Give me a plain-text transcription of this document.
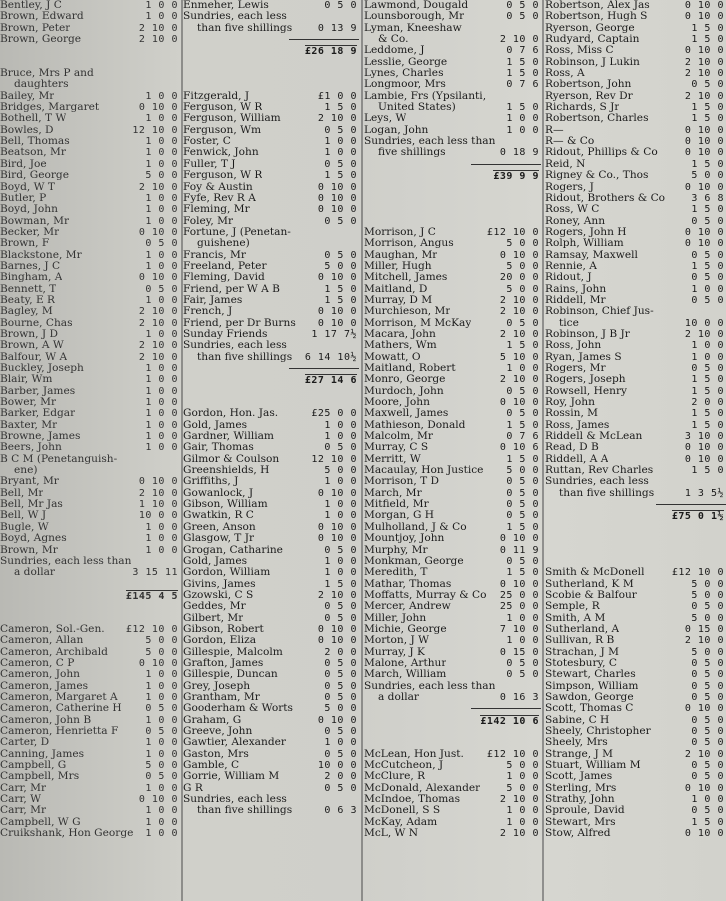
Bentley, J C	1 0 0
Brown, Edward	1 0 0
Brown, Peter	2 10 0
Brown, George	2 10 0
Bruce, Mrs P and
daughters
Bailey, Mr	1 0 0
Bridges, Margaret	0 10 0
Bothell, T W	1 0 0
Bowles, D	12 10 0
Bell, Thomas	1 0 0
Beatson, Mr	1 0 0
Bird, Joe	1 0 0
Bird, George	5 0 0
Boyd, W T	2 10 0
Butler, P	1 0 0
Boyd, John	1 0 0
Bowman, Mr	1 0 0
Becker, Mr	0 10 0
Brown, F	0 5 0
Blackstone, Mr	1 0 0
Barnes, J C	1 0 0
Bingham, A	0 10 0
Bennett, T	0 5 0
Beaty, E R	1 0 0
Bagley, M	2 10 0
Bourne, Chas	2 10 0
Brown, J D	1 0 0
Brown, A W	2 10 0
Balfour, W A	2 10 0
Buckley, Joseph	1 0 0
Blair, Wm	1 0 0
Barber, James	1 0 0
Bower, Mr	1 0 0
Barker, Edgar	1 0 0
Baxter, Mr	1 0 0
Browne, James	1 0 0
Beers, John	1 0 0
B C M (Penetanguish-
ene)
Bryant, Mr	0 10 0
Bell, Mr	2 10 0
Bell, Mr Jas	1 10 0
Bell, W J	10 0 0
Bugle, W	1 0 0
Boyd, Agnes	1 0 0
Brown, Mr	1 0 0
Sundries, each less than
a dollar	3 15 11
£145 4 5
Cameron, Sol.-Gen. £12 10 0
Cameron, Allan	5 0 0
Cameron, Archibald	5 0 0
Cameron, C P	0 10 0
Cameron, John	1 0 0
Cameron, James	1 0 0
Cameron, Margaret A	1 0 0
Cameron, Catherine H 0 5 0
Cameron, John B	1 0 0
Cameron, Henrietta F	0 5 0
Carter, D	1 0 0
Canning, James	1 0 0
Campbell, G	5 0 0
Campbell, Mrs	0 5 0
Carr, Mr	1 0 0
Carr, W	0 10 0
Carr, Mr	1 0 0
Campbell, W G	1 0 0
Cruikshank, Hon George 1 0 0
Enmeher, Lewis	0 5 0
Sundries, each less
than five shillings	0 13 9
£26 18 9
Fitzgerald, J	£1 0 0
Ferguson, W R	1 5 0
Ferguson, William	2 10 0
Ferguson, Wm	0 5 0
Foster, C	1 0 0
Fenwick, John	1 0 0
Fuller, T J	0 5 0
Ferguson, W R	1 5 0
Foy & Austin	0 10 0
Fyfe, Rev R A	0 10 0
Fleming, Mr	0 10 0
Foley, Mr	0 5 0
Fortune, J (Penetan-
guishene)
Francis, Mr	0 5 0
Freeland, Peter	5 0 0
Fleming, David	0 10 0
Friend, per W A B	1 5 0
Fair, James	1 5 0
French, J	0 10 0
Friend, per Dr Burns 0 10 0
Sunday Friends	1 17 7½
Sundries, each less
than five shillings 6 14 10½
£27 14 6
Gordon, Hon. Jas.	£25 0 0
Gold, James	1 0 0
Gardner, William	1 0 0
Gair, Thomas	0 5 0
Gilmor & Coulson	12 10 0
Greenshields, H	5 0 0
Griffiths, J	1 0 0
Gowanlock, J	0 10 0
Gibson, William	1 0 0
Gwatkin, R C	1 0 0
Green, Anson	0 10 0
Glasgow, T Jr	0 10 0
Grogan, Catharine	0 5 0
Gold, James	1 0 0
Gordon, William	1 0 0
Givins, James	1 5 0
Gzowski, C S	2 10 0
Geddes, Mr	0 5 0
Gilbert, Mr	0 5 0
Gibson, Robert	0 10 0
Gordon, Eliza	0 10 0
Gillespie, Malcolm	2 0 0
Grafton, James	0 5 0
Gillespie, Duncan	0 5 0
Grey, Joseph	0 5 0
Grantham, Mr	0 5 0
Gooderham & Worts	5 0 0
Graham, G	0 10 0
Greeve, John	0 5 0
Gawtier, Alexander	1 0 0
Gaston, Mrs	0 5 0
Gamble, C	10 0 0
Gorrie, William M	2 0 0
G R	0 5 0
Sundries, each less
than five shillings	0 6 3
Lawmond, Dougald	0 5 0
Lounsborough, Mr	0 5 0
Lyman, Kneeshaw
& Co.	2 10 0
Leddome, J	0 7 6
Lesslie, George	1 5 0
Lynes, Charles	1 5 0
Longmoor, Mrs	0 7 6
Lambie, Frs (Ypsilanti,
United States)	1 5 0
Leys, W	1 0 0
Logan, John	1 0 0
Sundries, each less than
five shillings	0 18 9
£39 9 9
Morrison, J C	£12 10 0
Morrison, Angus	5 0 0
Maughan, Mr	0 10 0
Miller, Hugh	5 0 0
Mitchell, James	20 0 0
Maitland, D	5 0 0
Murray, D M	2 10 0
Murchieson, Mr	2 10 0
Morrison, M McKay	0 5 0
Macara, John	2 10 0
Mathers, Wm	1 5 0
Mowatt, O	5 10 0
Maitland, Robert	1 0 0
Monro, George	2 10 0
Murdoch, John	0 5 0
Moore, John	0 10 0
Maxwell, James	0 5 0
Mathieson, Donald	1 5 0
Malcolm, Mr	0 7 6
Murray, C S	0 10 6
Merritt, W	1 5 0
Macaulay, Hon Justice 5 0 0
Morrison, T D	0 5 0
March, Mr	0 5 0
Mitfield, Mr	0 5 0
Morgan, G H	0 5 0
Mulholland, J & Co	1 5 0
Mountjoy, John	0 10 0
Murphy, Mr	0 11 9
Monkman, George	0 5 0
Meredith, T	1 5 0
Mathar, Thomas	0 10 0
Moffatts, Murray & Co 25 0 0
Mercer, Andrew	25 0 0
Miller, John	1 0 0
Michie, George	7 10 0
Morton, J W	1 0 0
Murray, J K	0 15 0
Malone, Arthur	0 5 0
March, William	0 5 0
Sundries, each less than
a dollar	0 16 3
£142 10 6
McLean, Hon Just. £12 10 0
McCutcheon, J	5 0 0
McClure, R	1 0 0
McDonald, Alexander	5 0 0
McIndoe, Thomas	2 10 0
McDonell, S S	1 0 0
McKay, Adam	1 0 0
McL, W N	2 10 0
Robertson, Alex Jas	0 10 0
Robertson, Hugh S	0 10 0
Ryerson, George	1 5 0
Rudyard, Captain	1 5 0
Ross, Miss C	0 10 0
Robinson, J Lukin	2 10 0
Ross, A	2 10 0
Robertson, John	0 5 0
Ryerson, Rev Dr	2 10 0
Richards, S Jr	1 5 0
Robertson, Charles	1 5 0
R—	0 10 0
R— & Co	0 10 0
Ridout, Phillips & Co	0 10 0
Reid, N	1 5 0
Rigney & Co., Thos	5 0 0
Rogers, J	0 10 0
Ridout, Brothers & Co	3 6 8
Ross, W C	1 5 0
Roney, Ann	0 5 0
Rogers, John H	0 10 0
Rolph, William	0 10 0
Ramsay, Maxwell	0 5 0
Rennie, A	1 5 0
Ridout, J	0 5 0
Rains, John	1 0 0
Riddell, Mr	0 5 0
Robinson, Chief Jus-
tice	10 0 0
Robinson, J B Jr	2 10 0
Ross, John	1 0 0
Ryan, James S	1 0 0
Rogers, Mr	0 5 0
Rogers, Joseph	1 5 0
Rowsell, Henry	1 5 0
Roy, John	2 0 0
Rossin, M	1 5 0
Ross, James	1 5 0
Riddell & McLean	3 10 0
Read, D B	0 10 0
Riddell, A A	0 10 0
Ruttan, Rev Charles	1 5 0
Sundries, each less
than five shillings	1 3 5½
£75 0 1½
Smith & McDonell	£12 10 0
Sutherland, K M	5 0 0
Scobie & Balfour	5 0 0
Semple, R	0 5 0
Smith, A M	5 0 0
Sutherland, A	0 15 0
Sullivan, R B	2 10 0
Strachan, J M	5 0 0
Stotesbury, C	0 5 0
Stewart, Charles	0 5 0
Simpson, William	0 5 0
Sawdon, George	0 5 0
Scott, Thomas C	0 10 0
Sabine, C H	0 5 0
Sheely, Christopher	0 5 0
Sheely, Mrs	0 5 0
Strange, J M	2 10 0
Stuart, William M	0 5 0
Scott, James	0 5 0
Sterling, Mrs	0 10 0
Strathy, John	1 0 0
Sproule, David	0 5 0
Stewart, Mrs	1 5 0
Stow, Alfred	0 10 0
